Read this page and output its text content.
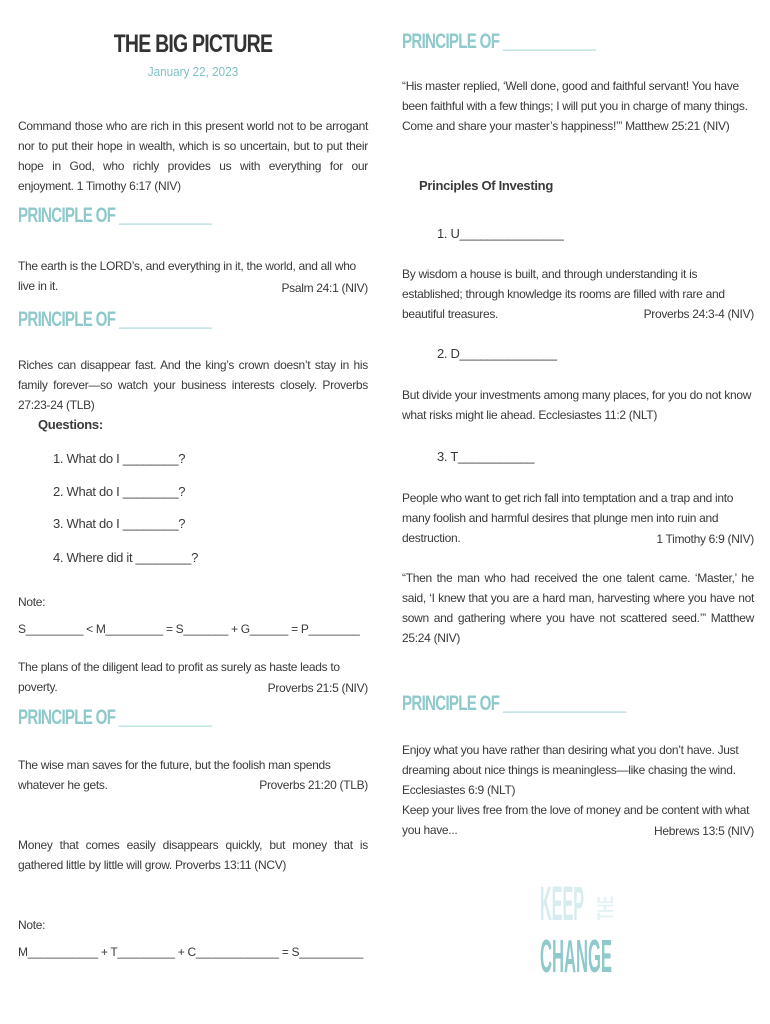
THE BIG PICTURE
January 22, 2023
Command those who are rich in this present world not to be arrogant nor to put their hope in wealth, which is so uncertain, but to put their hope in God, who richly provides us with everything for our enjoyment. 1 Timothy 6:17 (NIV)
PRINCIPLE OF ____________
The earth is the LORD’s, and everything in it, the world, and all who live in it.	Psalm 24:1 (NIV)
PRINCIPLE OF ____________
Riches can disappear fast. And the king’s crown doesn’t stay in his family forever—so watch your business interests closely. Proverbs 27:23-24 (TLB)
Questions:
1. What do I ________?
2. What do I ________?
3. What do I ________?
4. Where did it ________?
Note:
S_________ < M_________ = S_______ + G______ = P________
The plans of the diligent lead to profit as surely as haste leads to poverty.	Proverbs 21:5 (NIV)
PRINCIPLE OF ____________
The wise man saves for the future, but the foolish man spends whatever he gets.	Proverbs 21:20 (TLB)
Money that comes easily disappears quickly, but money that is gathered little by little will grow. Proverbs 13:11 (NCV)
Note:
M___________ + T_________ + C_____________ = S__________
PRINCIPLE OF ____________
“His master replied, ‘Well done, good and faithful servant! You have been faithful with a few things; I will put you in charge of many things. Come and share your master’s happiness!’” Matthew 25:21 (NIV)
Principles Of Investing
1. U_______________
By wisdom a house is built, and through understanding it is established; through knowledge its rooms are filled with rare and beautiful treasures.	Proverbs 24:3-4 (NIV)
2. D______________
But divide your investments among many places, for you do not know what risks might lie ahead. Ecclesiastes 11:2 (NLT)
3. T___________
People who want to get rich fall into temptation and a trap and into many foolish and harmful desires that plunge men into ruin and destruction.	1 Timothy 6:9 (NIV)
“Then the man who had received the one talent came. ‘Master,’ he said, ‘I knew that you are a hard man, harvesting where you have not sown and gathering where you have not scattered seed.’” Matthew 25:24 (NIV)
PRINCIPLE OF ________________
Enjoy what you have rather than desiring what you don’t have. Just dreaming about nice things is meaningless—like chasing the wind. Ecclesiastes 6:9 (NLT)
Keep your lives free from the love of money and be content with what you have...	Hebrews 13:5 (NIV)
KEEP THE
CHANGE
